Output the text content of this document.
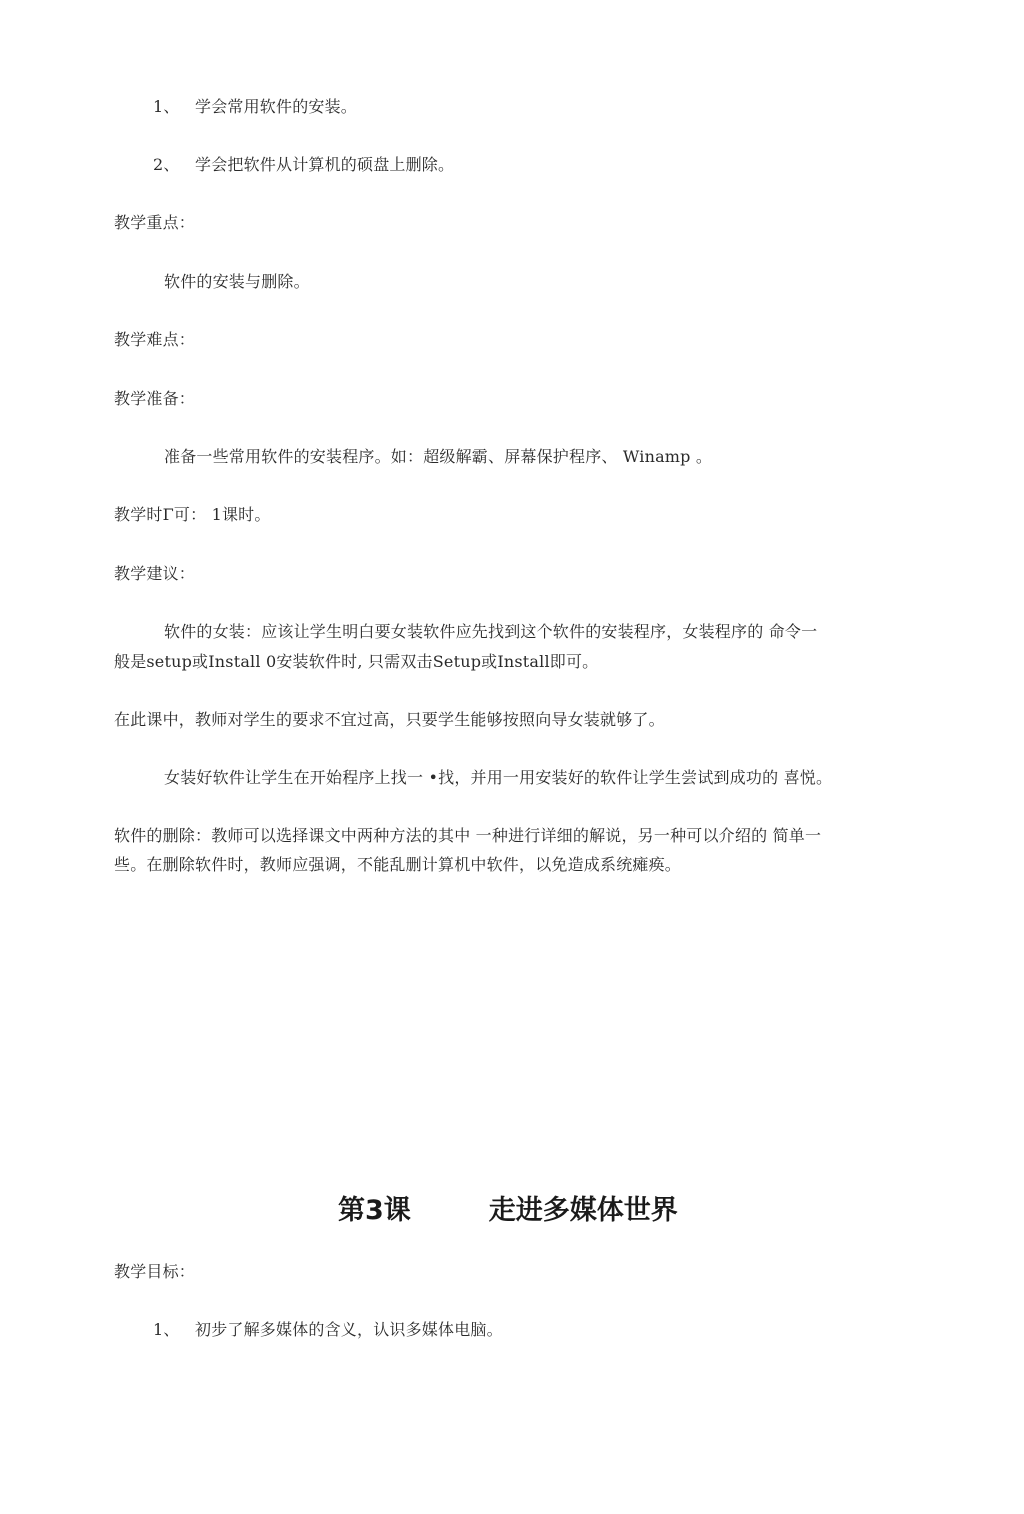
1、 学会常用软件的安装。
2、 学会把软件从计算机的硕盘上删除。
教学重点：
软件的安装与删除。
教学难点：
教学准备：
准备一些常用软件的安装程序。如：超级解霸、屏幕保护程序、 Winamp 。
教学时Γ可： 1课时。
教学建议：
软件的女装：应该让学生明白要女装软件应先找到这个软件的安装程序，女装程序的 命令一
般是setup或Install 0安装软件时, 只需双击Setup或Install即可。
在此课中，教师对学生的要求不宜过高，只要学生能够按照向导女装就够了。
女装好软件让学生在开始程序上找一 •找，并用一用安装好的软件让学生尝试到成功的 喜悦。
软件的删除：教师可以选择课文中两种方法的其中 一种进行详细的解说，另一种可以介绍的 简单一
些。在删除软件时，教师应强调，不能乱删计算机中软件，以免造成系统瘫痪。
第3课	走进多媒体世界
教学目标：
1、 初步了解多媒体的含义，认识多媒体电脑。
